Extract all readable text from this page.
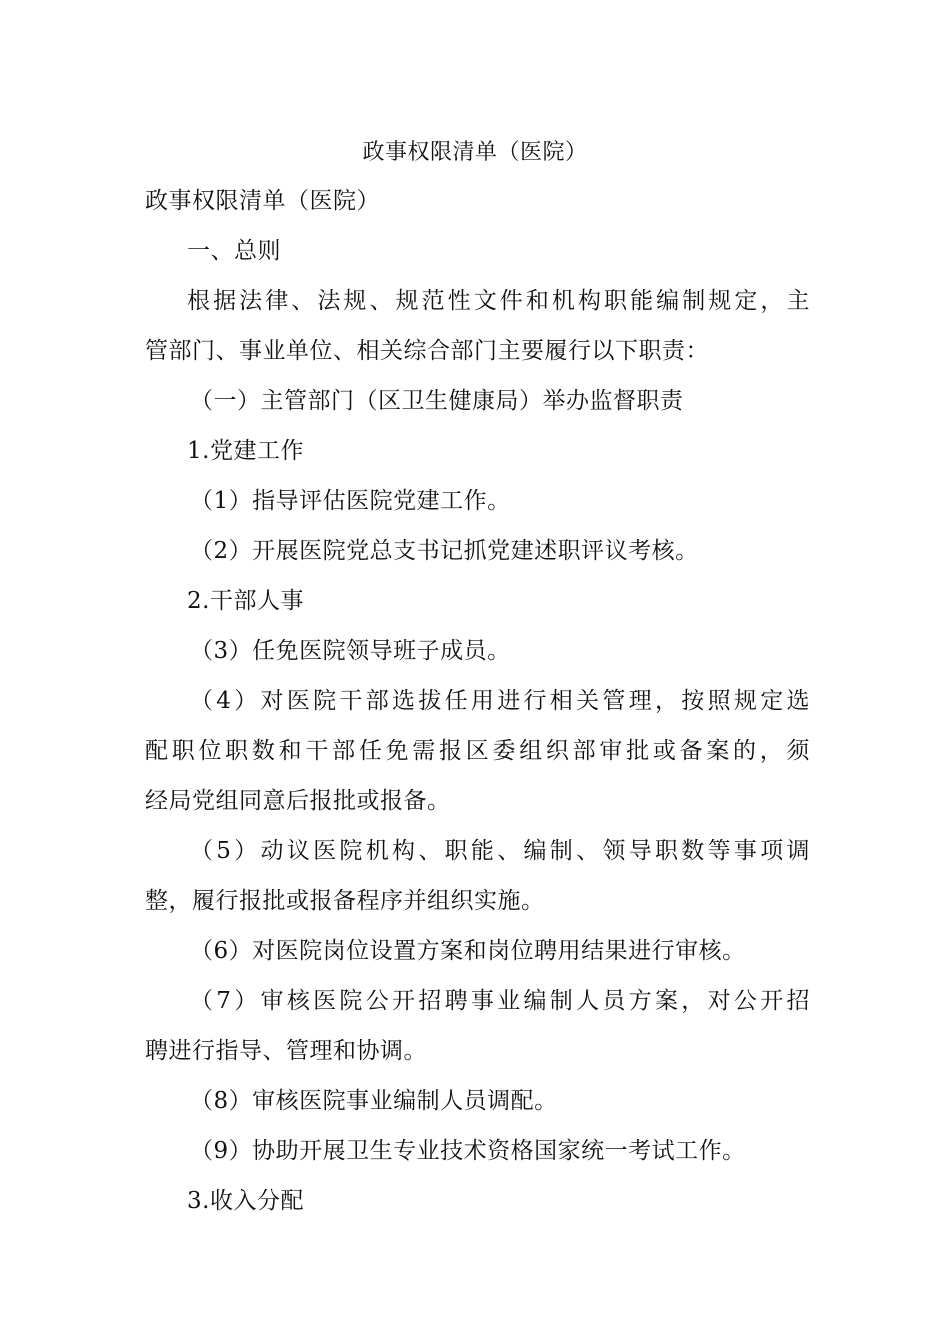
政事权限清单（医院）
政事权限清单（医院）
一、总则
根据法律、法规、规范性文件和机构职能编制规定，主
管部门、事业单位、相关综合部门主要履行以下职责：
（一）主管部门（区卫生健康局）举办监督职责
1.党建工作
（1）指导评估医院党建工作。
（2）开展医院党总支书记抓党建述职评议考核。
2.干部人事
（3）任免医院领导班子成员。
（4）对医院干部选拔任用进行相关管理，按照规定选
配职位职数和干部任免需报区委组织部审批或备案的，须
经局党组同意后报批或报备。
（5）动议医院机构、职能、编制、领导职数等事项调
整，履行报批或报备程序并组织实施。
（6）对医院岗位设置方案和岗位聘用结果进行审核。
（7）审核医院公开招聘事业编制人员方案，对公开招
聘进行指导、管理和协调。
（8）审核医院事业编制人员调配。
（9）协助开展卫生专业技术资格国家统一考试工作。
3.收入分配
